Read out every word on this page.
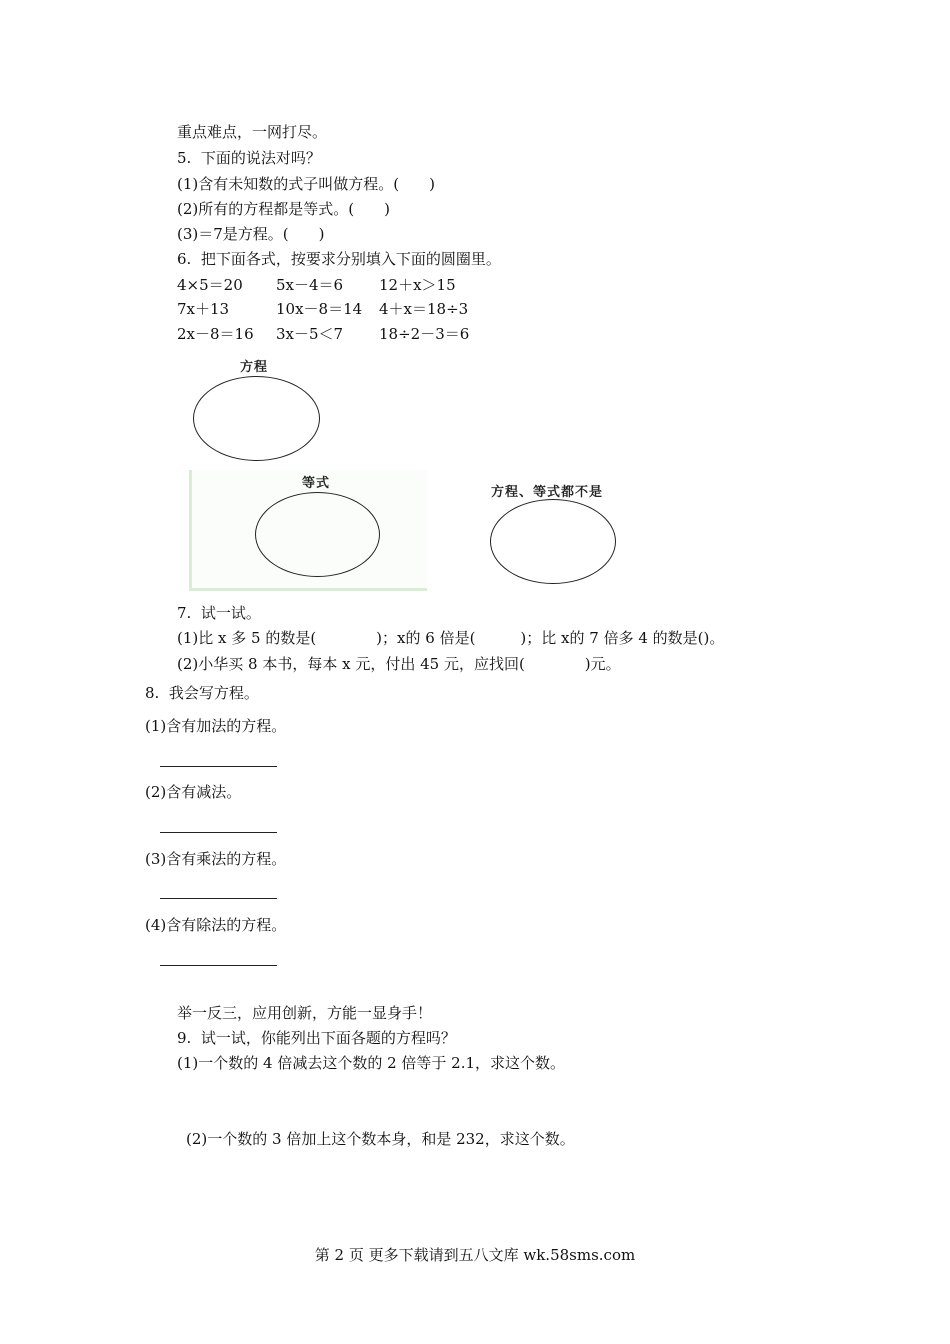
重点难点，一网打尽。
5.  下面的说法对吗？
(1)含有未知数的式子叫做方程。(　　)
(2)所有的方程都是等式。(　　)
(3)＝7是方程。(　　)
6.  把下面各式，按要求分别填入下面的圆圈里。
4×5＝20 5x－4＝6 12＋x＞15
7x＋13	10x－8＝14 4＋x＝18÷3
2x－8＝16 3x－5＜7 18÷2－3＝6
方程
等式
方程、等式都不是
7.  试一试。
(1)比 x 多 5 的数是(　　　　)；x的 6 倍是(　　　)；比 x的 7 倍多 4 的数是()。
(2)小华买 8 本书，每本 x 元，付出 45 元，应找回(　　　　)元。
8.  我会写方程。
(1)含有加法的方程。
(2)含有减法。
(3)含有乘法的方程。
(4)含有除法的方程。
举一反三，应用创新，方能一显身手！
9.  试一试，你能列出下面各题的方程吗？
(1)一个数的 4 倍减去这个数的 2 倍等于 2.1，求这个数。
(2)一个数的 3 倍加上这个数本身，和是 232，求这个数。
第 2 页 更多下载请到五八文库 wk.58sms.com
